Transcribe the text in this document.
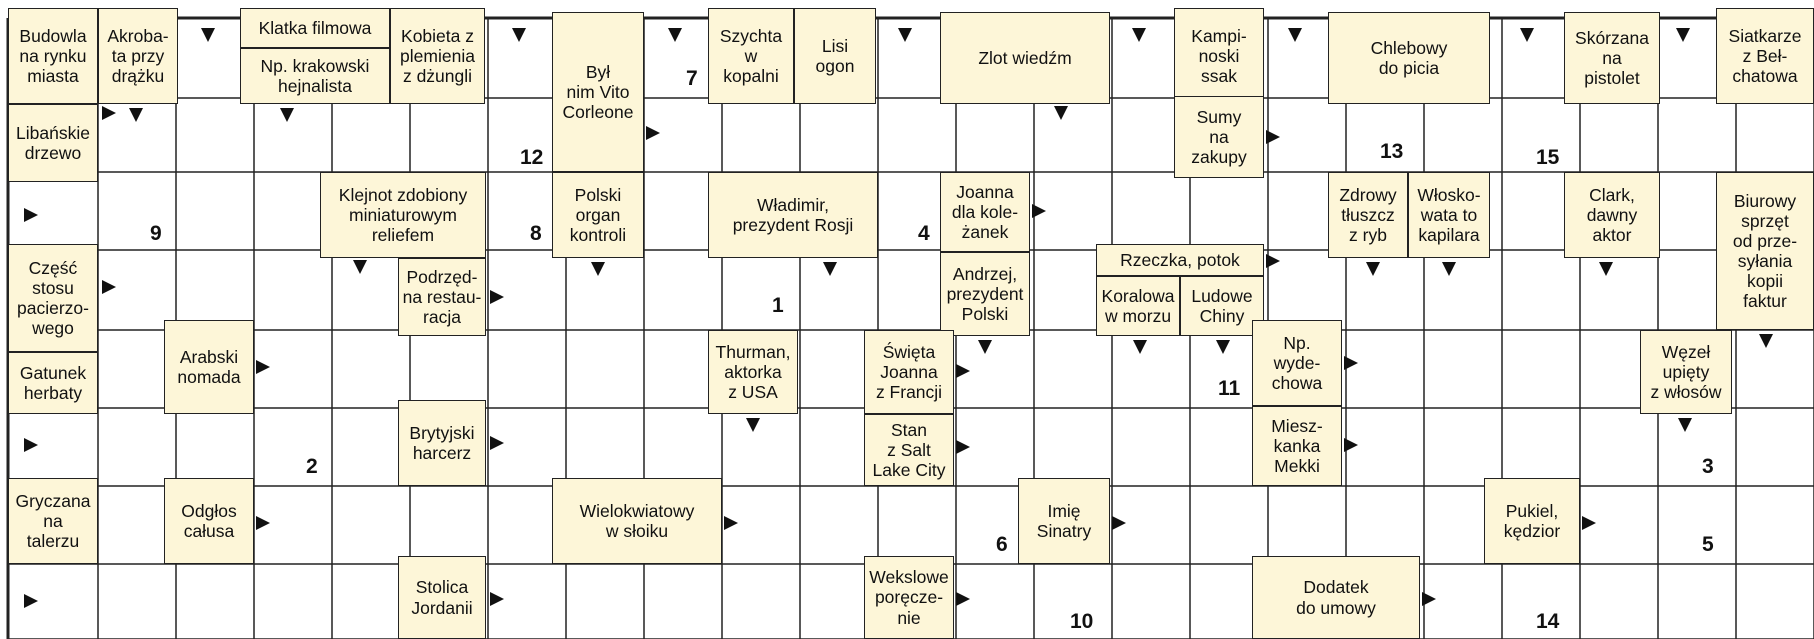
Budowla
na rynku
miasta
Akroba-
ta przy
drążku
Libańskie
drzewo
Klatka filmowa
Np. krakowski
hejnalista
Kobieta z
plemienia
z dżungli	Był
nim Vito
Corleone
Szychta
w
kopalni
Lisi
ogon	Zlot wiedźm
Kampi-
noski
ssak
Sumy
na
zakupy
Chlebowy
do picia
Skórzana
na
pistolet
Siatkarze
z Beł-
chatowa
Klejnot zdobiony
miniaturowym
reliefem
Polski
organ
kontroli
Władimir,
prezydent Rosji
Joanna
dla kole-
żanek
Zdrowy
tłuszcz
z ryb
Włosko-
wata to
kapilara
Clark,
dawny
aktor
Biurowy
sprzęt
od prze-
syłania
kopii
faktur
Część
stosu
pacierzo-
wego
Podrzęd-
na restau-
racja
Rzeczka, potok
Andrzej,
prezydent
Polski
Koralowa
w morzu
Ludowe
Chiny
Gatunek
herbaty
Arabski
nomada
Thurman,
aktorka
z USA
Święta
Joanna
z Francji
Np.
wyde-
chowa
Węzeł
upięty
z włosów
Brytyjski
harcerz
Stan
z Salt
Lake City
Miesz-
kanka
Mekki
Gryczana
na
talerzu
Odgłos
całusa
Wielokwiatowy
w słoiku
Imię
Sinatry
Pukiel,
kędzior
Stolica
Jordanii
Wekslowe
poręcze-
nie
Dodatek
do umowy
1
2	3
4
5
6
7
8
9
10
11
12	13
14
15
